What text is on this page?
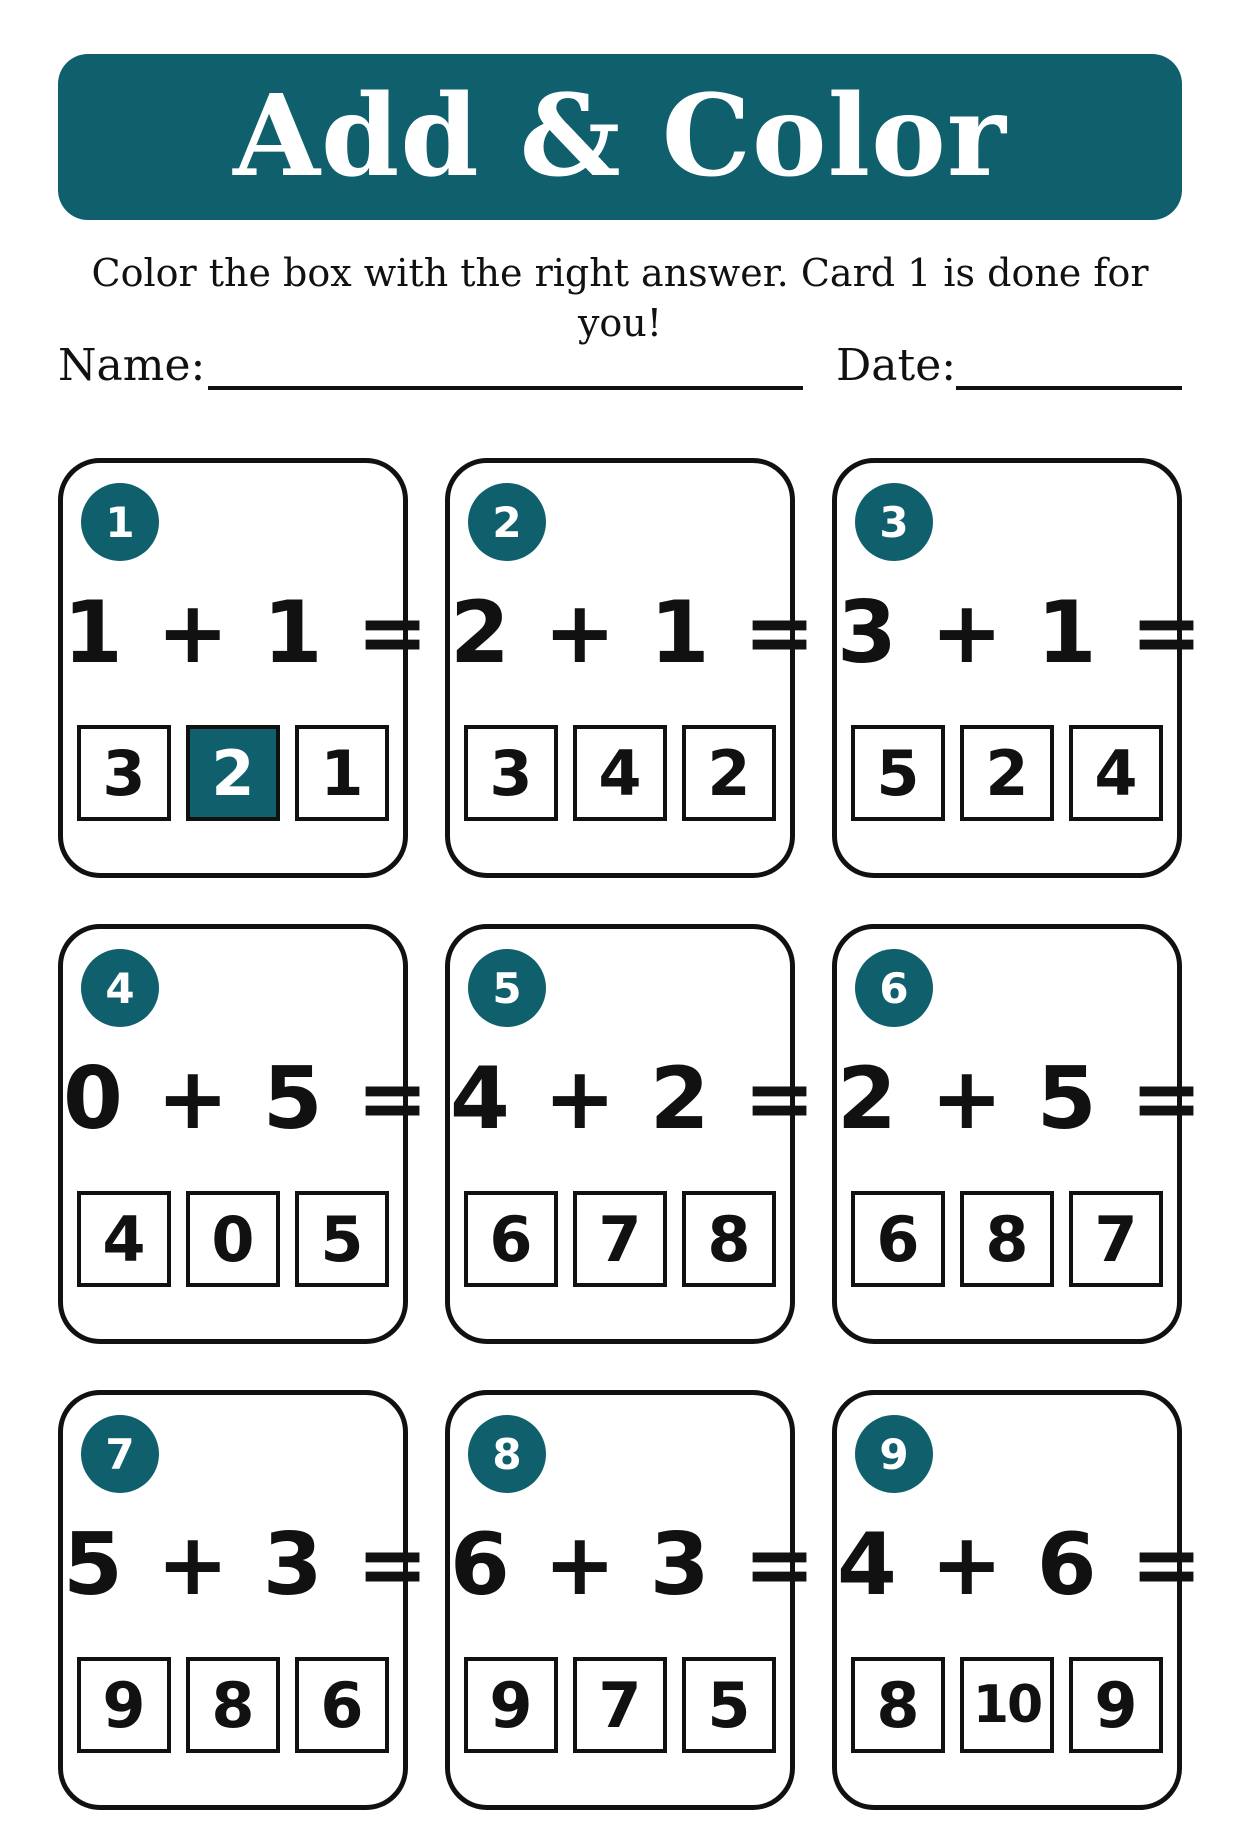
Add & Color
Color the box with the right answer. Card 1 is done for you!
Name:	Date:
1
1 + 1 =
3	2	1
2
2 + 1 =
3	4	2
3
3 + 1 =
5	2	4
4
0 + 5 =
4	0	5
5
4 + 2 =
6	7	8
6
2 + 5 =
6	8	7
7
5 + 3 =
9	8	6
8
6 + 3 =
9	7	5
9
4 + 6 =
8	10 9
